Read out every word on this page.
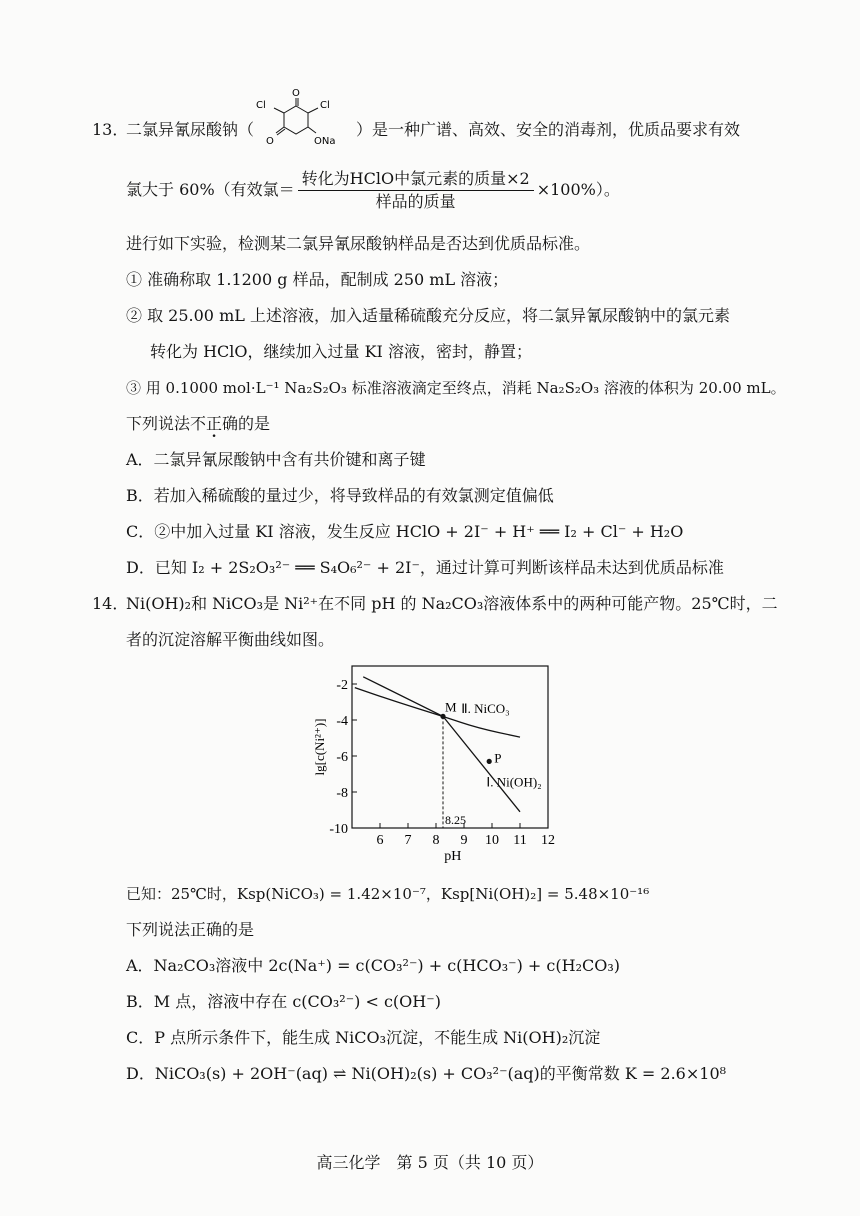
13．
二氯异氰尿酸钠（
O
Cl	Cl
O	ONa
）是一种广谱、高效、安全的消毒剂，优质品要求有效
氯大于 60%（有效氯＝ $\frac{\text{转化为HClO中氯元素的质量×2}}{\text{样品的质量}} \times 100\%$）。
进行如下实验，检测某二氯异氰尿酸钠样品是否达到优质品标准。
① 准确称取 1.1200 g 样品，配制成 250 mL 溶液；
② 取 25.00 mL 上述溶液，加入适量稀硫酸充分反应，将二氯异氰尿酸钠中的氯元素
转化为 HClO，继续加入过量 KI 溶液，密封，静置；
③ 用 0.1000 mol·L⁻¹ Na₂S₂O₃ 标准溶液滴定至终点，消耗 Na₂S₂O₃ 溶液的体积为 20.00 mL。
下列说法不正确的是
A．二氯异氰尿酸钠中含有共价键和离子键
B．若加入稀硫酸的量过少，将导致样品的有效氯测定值偏低
C．②中加入过量 KI 溶液，发生反应 HClO + 2I⁻ + H⁺ ══ I₂ + Cl⁻ + H₂O
D．已知 I₂ + 2S₂O₃²⁻ ══ S₄O₆²⁻ + 2I⁻，通过计算可判断该样品未达到优质品标准
14．
Ni(OH)₂和 NiCO₃是 Ni²⁺在不同 pH 的 Na₂CO₃溶液体系中的两种可能产物。25℃时，二
者的沉淀溶解平衡曲线如图。
6 7 8 9 10 11 12
-2
-4
-6
-8
-10
pH
lg[c(Ni²⁺)]
Ⅱ. NiCO₃
Ⅰ. Ni(OH)₂
M
P
8.25
已知：25℃时，Ksp(NiCO₃) = 1.42×10⁻⁷，Ksp[Ni(OH)₂] = 5.48×10⁻¹⁶
下列说法正确的是
A．Na₂CO₃溶液中 2c(Na⁺) = c(CO₃²⁻) + c(HCO₃⁻) + c(H₂CO₃)
B．M 点，溶液中存在 c(CO₃²⁻) < c(OH⁻)
C．P 点所示条件下，能生成 NiCO₃沉淀，不能生成 Ni(OH)₂沉淀
D．NiCO₃(s) + 2OH⁻(aq) ⇌ Ni(OH)₂(s) + CO₃²⁻(aq)的平衡常数 K = 2.6×10⁸
高三化学　第 5 页（共 10 页）
